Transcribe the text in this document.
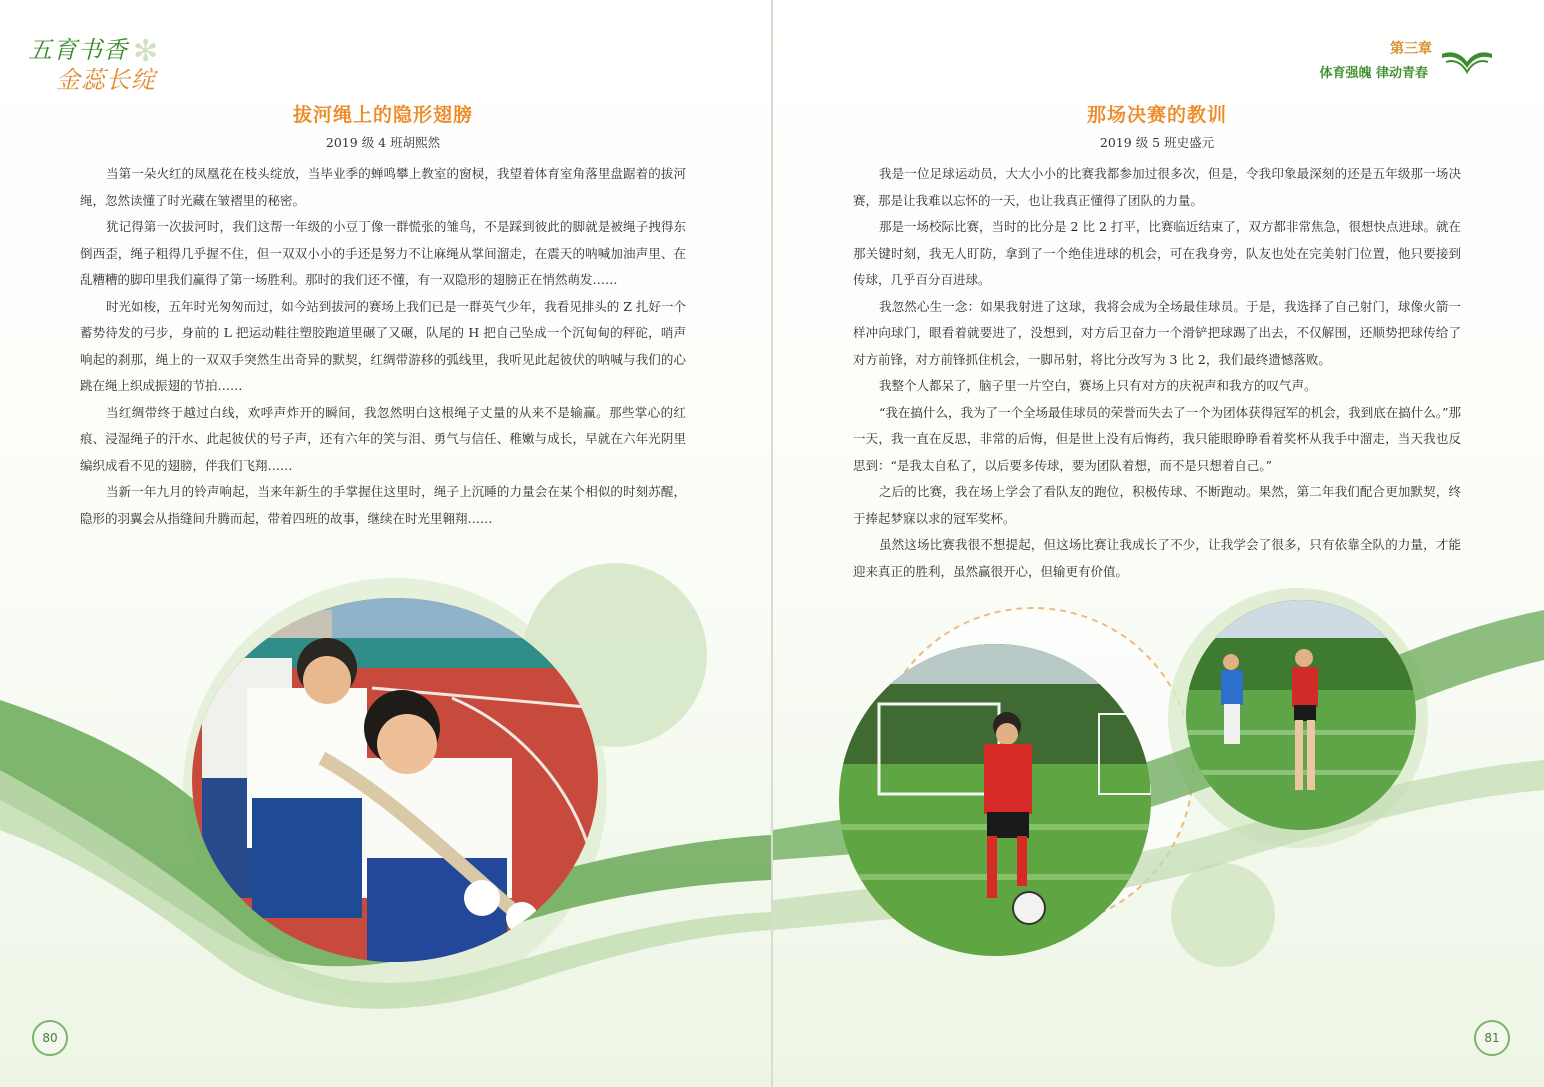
✻
五育书香
金蕊长绽
拔河绳上的隐形翅膀
2019 级 4 班胡熙然

当第一朵火红的凤凰花在枝头绽放，当毕业季的蝉鸣攀上教室的窗棂，我望着体育室角落里盘踞着的拔河绳，忽然读懂了时光藏在皱褶里的秘密。

犹记得第一次拔河时，我们这帮一年级的小豆丁像一群慌张的雏鸟，不是踩到彼此的脚就是被绳子拽得东倒西歪，绳子粗得几乎握不住，但一双双小小的手还是努力不让麻绳从掌间溜走，在震天的呐喊加油声里、在乱糟糟的脚印里我们赢得了第一场胜利。那时的我们还不懂，有一双隐形的翅膀正在悄然萌发……

时光如梭，五年时光匆匆而过，如今站到拔河的赛场上我们已是一群英气少年，我看见排头的 Z 扎好一个蓄势待发的弓步，身前的 L 把运动鞋往塑胶跑道里碾了又碾，队尾的 H 把自己坠成一个沉甸甸的秤砣，哨声响起的刹那，绳上的一双双手突然生出奇异的默契，红绸带游移的弧线里，我听见此起彼伏的呐喊与我们的心跳在绳上织成振翅的节拍……

当红绸带终于越过白线，欢呼声炸开的瞬间，我忽然明白这根绳子丈量的从来不是输赢。那些掌心的红痕、浸湿绳子的汗水、此起彼伏的号子声，还有六年的笑与泪、勇气与信任、稚嫩与成长，早就在六年光阴里编织成看不见的翅膀，伴我们飞翔……

当新一年九月的铃声响起，当来年新生的手掌握住这里时，绳子上沉睡的力量会在某个相似的时刻苏醒，隐形的羽翼会从指缝间升腾而起，带着四班的故事，继续在时光里翱翔……

80
第三章
体育强魄 律动青春
那场决赛的教训
2019 级 5 班史盛元

我是一位足球运动员，大大小小的比赛我都参加过很多次，但是，令我印象最深刻的还是五年级那一场决赛，那是让我难以忘怀的一天，也让我真正懂得了团队的力量。

那是一场校际比赛，当时的比分是 2 比 2 打平，比赛临近结束了，双方都非常焦急，很想快点进球。就在那关键时刻，我无人盯防，拿到了一个绝佳进球的机会，可在我身旁，队友也处在完美射门位置，他只要接到传球，几乎百分百进球。

我忽然心生一念：如果我射进了这球，我将会成为全场最佳球员。于是，我选择了自己射门，球像火箭一样冲向球门，眼看着就要进了，没想到，对方后卫奋力一个滑铲把球踢了出去，不仅解围，还顺势把球传给了对方前锋，对方前锋抓住机会，一脚吊射，将比分改写为 3 比 2，我们最终遗憾落败。

我整个人都呆了，脑子里一片空白，赛场上只有对方的庆祝声和我方的叹气声。

“我在搞什么，我为了一个全场最佳球员的荣誉而失去了一个为团体获得冠军的机会，我到底在搞什么。”那一天，我一直在反思，非常的后悔，但是世上没有后悔药，我只能眼睁睁看着奖杯从我手中溜走，当天我也反思到：“是我太自私了，以后要多传球，要为团队着想，而不是只想着自己。”

之后的比赛，我在场上学会了看队友的跑位，积极传球、不断跑动。果然，第二年我们配合更加默契，终于捧起梦寐以求的冠军奖杯。

虽然这场比赛我很不想提起，但这场比赛让我成长了不少，让我学会了很多，只有依靠全队的力量，才能迎来真正的胜利，虽然赢很开心，但输更有价值。

81
